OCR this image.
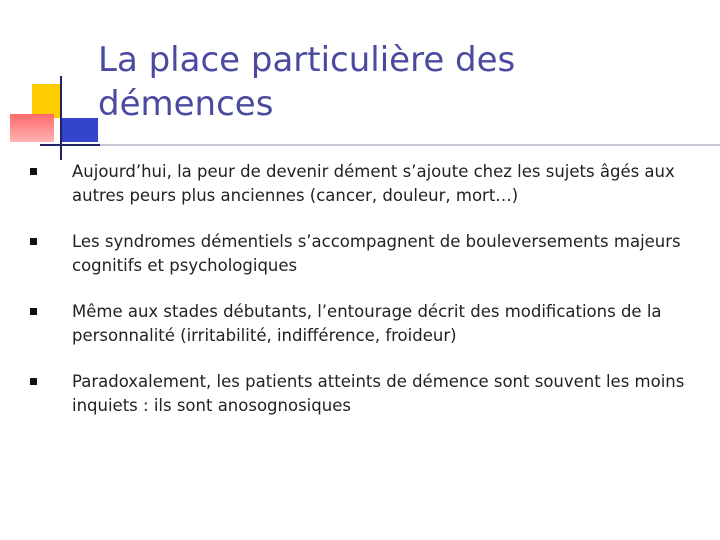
La place particulière des démences
Aujourd’hui, la peur de devenir dément s’ajoute chez les sujets âgés aux autres peurs plus anciennes (cancer, douleur, mort…)
Les syndromes démentiels s’accompagnent de bouleversements majeurs cognitifs et psychologiques
Même aux stades débutants, l’entourage décrit des modifications de la personnalité (irritabilité, indifférence, froideur)
Paradoxalement, les patients atteints de démence sont souvent les moins inquiets : ils sont anosognosiques
